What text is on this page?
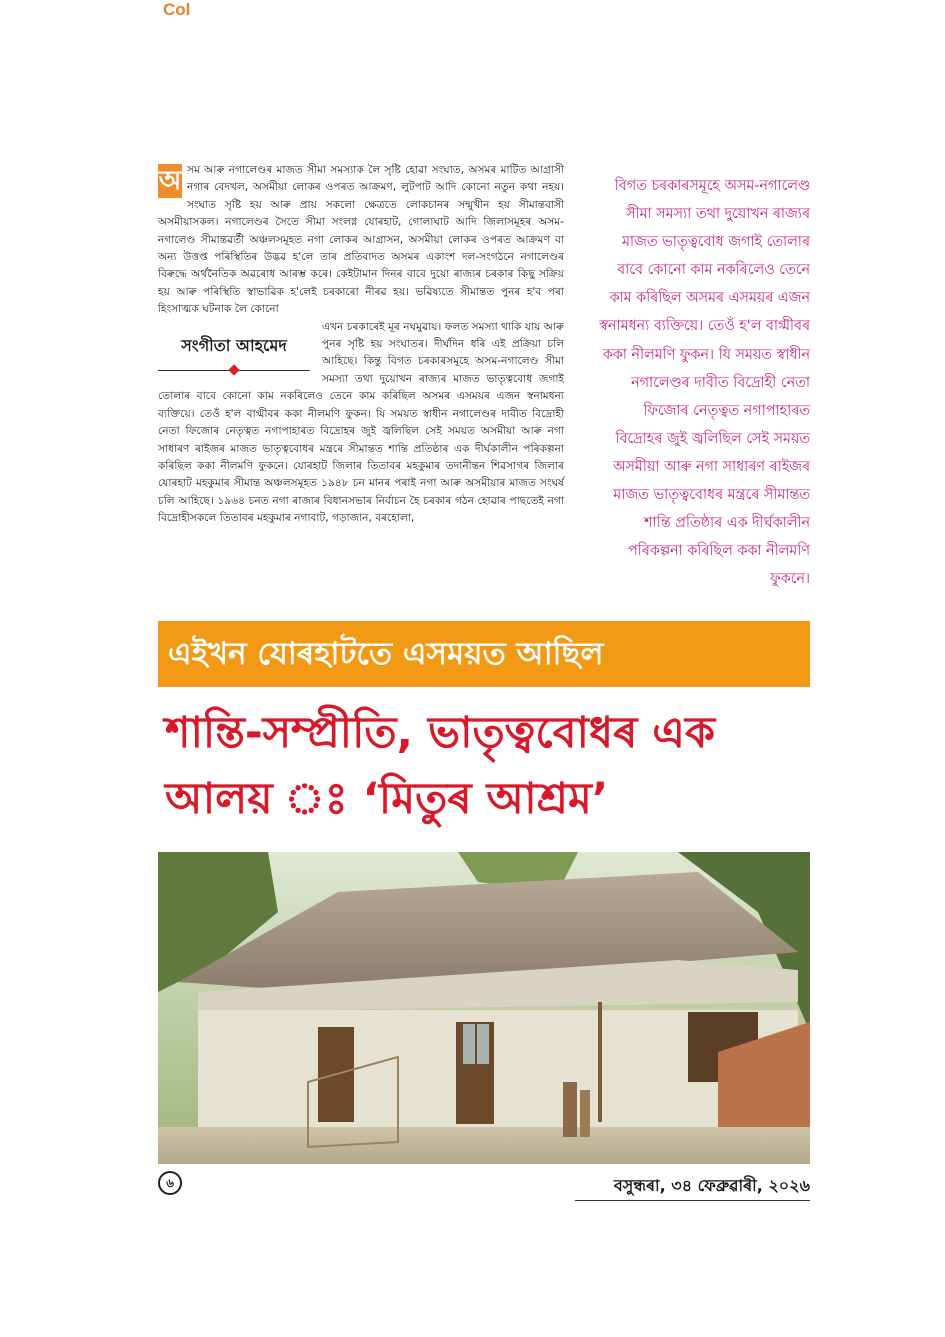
Col
অ সম আৰু নগালেণ্ডৰ মাজত সীমা সমস্যাক লৈ সৃষ্টি হোৱা সংঘাত, অসমৰ মাটিত আগ্ৰাসী নগাৰ বেদখল, অসমীয়া লোকৰ ওপৰত আক্ৰমণ, লুটপাট আদি কোনো নতুন কথা নহয়। সংঘাত সৃষ্টি হয় আৰু প্ৰায় সকলো ক্ষেত্ৰতে লোকচানৰ সন্মুখীন হয় সীমান্তবাসী অসমীয়াসকল। নগালেণ্ডৰ সৈতে সীমা সংলগ্ন যোৰহাট, গোলাঘাট আদি জিলাসমূহৰ অসম-নগালেণ্ড সীমান্তৱৰ্তী অঞ্চলসমূহত নগা লোকৰ আগ্ৰাসন, অসমীয়া লোকৰ ওপৰত আক্ৰমণ বা অন্য উত্তপ্ত পৰিস্থিতিৰ উদ্ভৱ হ'লে তাৰ প্ৰতিবাদত অসমৰ একাংশ দল-সংগঠনে নগালেণ্ডৰ বিৰুদ্ধে অৰ্থনৈতিক অৱৰোধ আৰম্ভ কৰে। কেইটামান দিনৰ বাবে দুয়ো ৰাজ্যৰ চৰকাৰ কিছু সক্ৰিয় হয় আৰু পৰিস্থিতি স্বাভাৱিক হ'লেই চৰকাৰো নীৰৱ হয়। ভৱিষ্যতে সীমান্তত পুনৰ হ'ব পৰা হিংসাত্মক ঘটনাক লৈ কোনো

সংগীতা আহমেদ

এখন চৰকাৰেই মূৰ নঘমুৱায়। ফলত সমস্যা থাকি যায় আৰু পুনৰ সৃষ্টি হয় সংঘাতৰ। দীৰ্ঘদিন ধৰি এই প্ৰক্ৰিয়া চলি আহিছে। কিন্তু বিগত চৰকাৰসমূহে অসম-নগালেণ্ড সীমা সমস্যা তথা দুয়োখন ৰাজ্যৰ মাজত ভাতৃত্ববোধ জগাই তোলাৰ বাবে কোনো কাম নকৰিলেও তেনে কাম কৰিছিল অসমৰ এসময়ৰ এজন স্বনামধন্য ব্যক্তিয়ে। তেওঁ হ'ল বাগ্মীবৰ ককা নীলমণি ফুকন। যি সময়ত স্বাধীন নগালেণ্ডৰ দাবীত বিদ্ৰোহী নেতা ফিজোৰ নেতৃত্বত নগাপাহাৰত বিদ্ৰোহৰ জুই জ্বলিছিল সেই সময়ত অসমীয়া আৰু নগা সাধাৰণ ৰাইজৰ মাজত ভাতৃত্ববোধৰ মন্ত্ৰৰে সীমান্তত শান্তি প্ৰতিষ্ঠাৰ এক দীৰ্ঘকালীন পৰিকল্পনা কৰিছিল ককা নীলমণি ফুকনে। যোৰহাট জিলাৰ তিতাবৰ মহকুমাৰ তদানীন্তন শিৱসাগৰ জিলাৰ যোৰহাট মহকুমাৰ সীমান্ত অঞ্চলসমূহত ১৯৪৮ চন মানৰ পৰাই নগা আৰু অসমীয়াৰ মাজত সংঘৰ্ষ চলি আহিছে। ১৯৬৪ চনত নগা ৰাজ্যৰ বিধানসভাৰ নিৰ্বাচন হৈ চৰকাৰ গঠন হোৱাৰ পাছতেই নগা বিদ্ৰোহীসকলে তিতাবৰ মহকুমাৰ নগাবাট, গড়াজান, বৰহোলা,

বিগত চৰকাৰসমূহে অসম-নগালেণ্ড সীমা সমস্যা তথা দুয়োখন ৰাজ্যৰ মাজত ভাতৃত্ববোধ জগাই তোলাৰ বাবে কোনো কাম নকৰিলেও তেনে কাম কৰিছিল অসমৰ এসময়ৰ এজন স্বনামধন্য ব্যক্তিয়ে। তেওঁ হ'ল বাগ্মীবৰ ককা নীলমণি ফুকন। যি সময়ত স্বাধীন নগালেণ্ডৰ দাবীত বিদ্ৰোহী নেতা ফিজোৰ নেতৃত্বত নগাপাহাৰত বিদ্ৰোহৰ জুই জ্বলিছিল সেই সময়ত অসমীয়া আৰু নগা সাধাৰণ ৰাইজৰ মাজত ভাতৃত্ববোধৰ মন্ত্ৰৰে সীমান্তত শান্তি প্ৰতিষ্ঠাৰ এক দীৰ্ঘকালীন পৰিকল্পনা কৰিছিল ককা নীলমণি ফুকনে।

এইখন যোৰহাটতে এসময়ত আছিল
শান্তি-সম্প্ৰীতি, ভাতৃত্ববোধৰ এক আলয় ঃ ‘মিতুৰ আশ্ৰম’
৬	বসুন্ধৰা, ৩৪ ফেব্ৰুৱাৰী, ২০২৬
